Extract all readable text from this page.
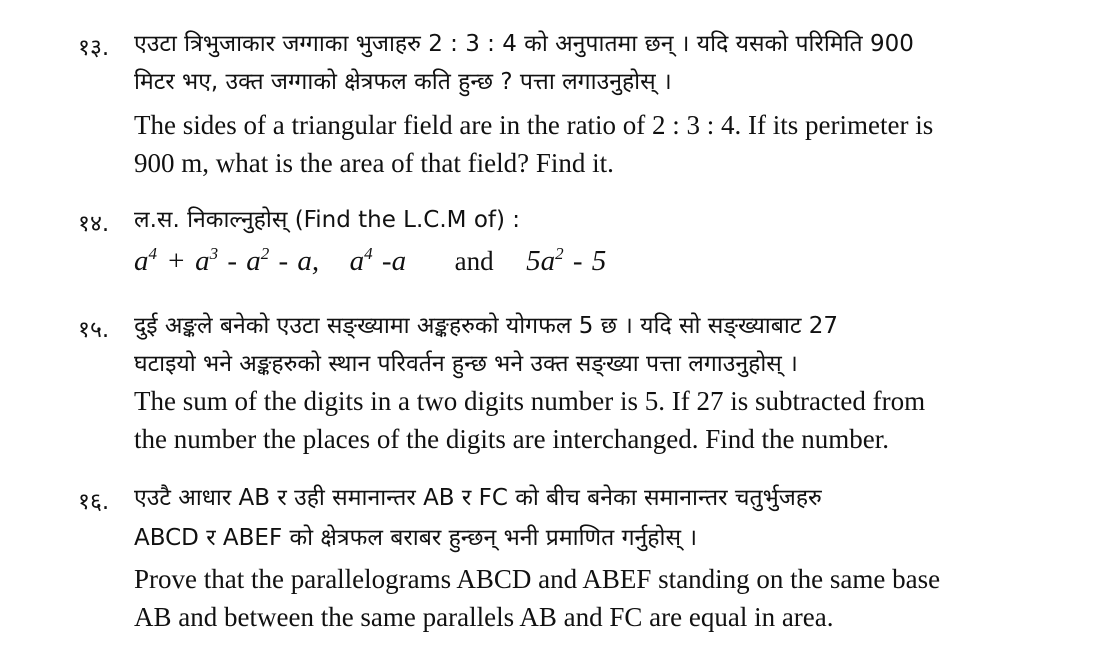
१३. एउटा त्रिभुजाकार जग्गाका भुजाहरु 2 : 3 : 4 को अनुपातमा छन् । यदि यसको परिमिति 900
मिटर भए, उक्त जग्गाको क्षेत्रफल कति हुन्छ ? पत्ता लगाउनुहोस् ।
The sides of a triangular field are in the ratio of 2 : 3 : 4. If its perimeter is
900 m, what is the area of that field? Find it.
१४. ल.स. निकाल्नुहोस् (Find the L.C.M of) :
$a^4 + a^3 - a^2 - a$, $a^4$ -a and $5a^2 - 5$
१५. दुई अङ्कले बनेको एउटा सङ्ख्यामा अङ्कहरुको योगफल 5 छ । यदि सो सङ्ख्याबाट 27
घटाइयो भने अङ्कहरुको स्थान परिवर्तन हुन्छ भने उक्त सङ्ख्या पत्ता लगाउनुहोस् ।
The sum of the digits in a two digits number is 5. If 27 is subtracted from
the number the places of the digits are interchanged. Find the number.
१६. एउटै आधार AB र उही समानान्तर AB र FC को बीच बनेका समानान्तर चतुर्भुजहरु
ABCD र ABEF को क्षेत्रफल बराबर हुन्छन् भनी प्रमाणित गर्नुहोस् ।
Prove that the parallelograms ABCD and ABEF standing on the same base
AB and between the same parallels AB and FC are equal in area.
